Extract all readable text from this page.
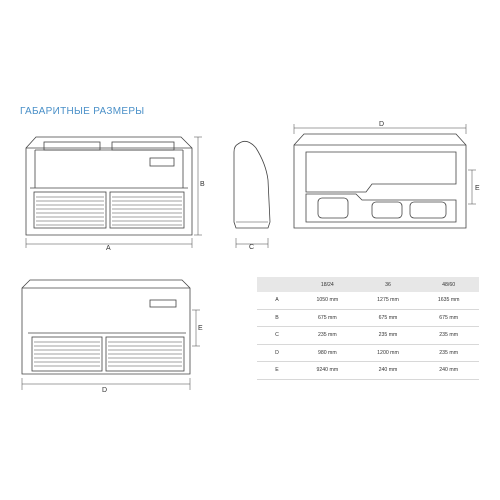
ГАБАРИТНЫЕ РАЗМЕРЫ
A
B
C
D
E
D
E
	18/24	36	48/60
A	1050 mm	1275 mm	1635 mm
B	675 mm	675 mm	675 mm
C	235 mm	235 mm	235 mm
D	980 mm	1200 mm	235 mm
E	9240 mm	240 mm	240 mm
